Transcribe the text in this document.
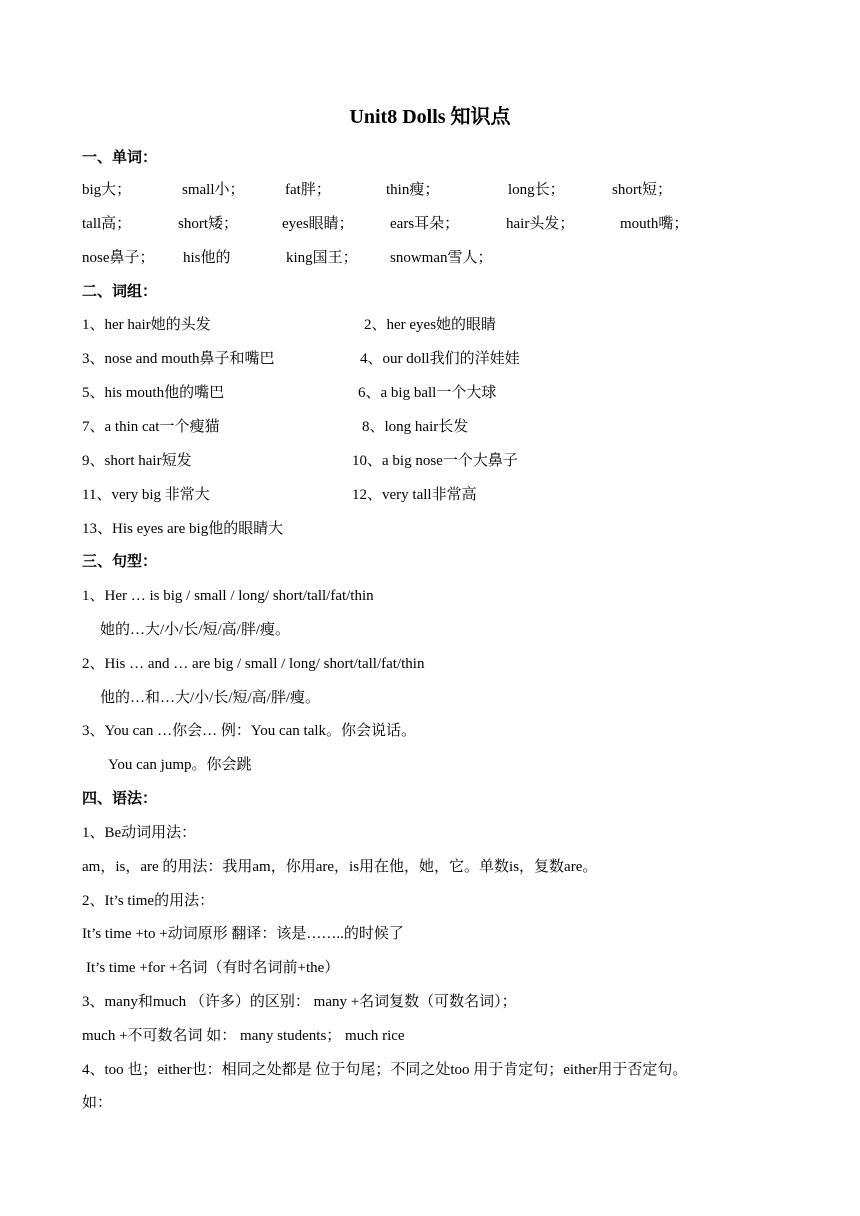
Unit8 Dolls 知识点
一、单词：
big大；	small小；	fat胖；	thin瘦；	long长；	short短；
tall高；	short矮；	eyes眼睛； ears耳朵；	hair头发；	mouth嘴；
nose鼻子； his他的	king国王； snowman雪人；
二、词组：
1、her hair她的头发	2、her eyes她的眼睛
3、nose and mouth鼻子和嘴巴	4、our doll我们的洋娃娃
5、his mouth他的嘴巴	6、a big ball一个大球
7、a thin cat一个瘦猫	8、long hair长发
9、short hair短发	10、a big nose一个大鼻子
11、very big 非常大	12、very tall非常高
13、His eyes are big他的眼睛大
三、句型：
1、Her … is big / small / long/ short/tall/fat/thin
她的…大/小/长/短/高/胖/瘦。
2、His … and … are big / small / long/ short/tall/fat/thin
他的…和…大/小/长/短/高/胖/瘦。
3、You can …你会… 例：You can talk。你会说话。
You can jump。你会跳
四、语法：
1、Be动词用法：
am，is，are 的用法：我用am，你用are，is用在他，她，它。单数is，复数are。
2、It’s time的用法：
It’s time +to +动词原形 翻译：该是……..的时候了
It’s time +for +名词（有时名词前+the）
3、many和much （许多）的区别： many +名词复数（可数名词）；
much +不可数名词 如： many students； much rice
4、too 也；either也：相同之处都是 位于句尾；不同之处too 用于肯定句；either用于否定句。
如：
